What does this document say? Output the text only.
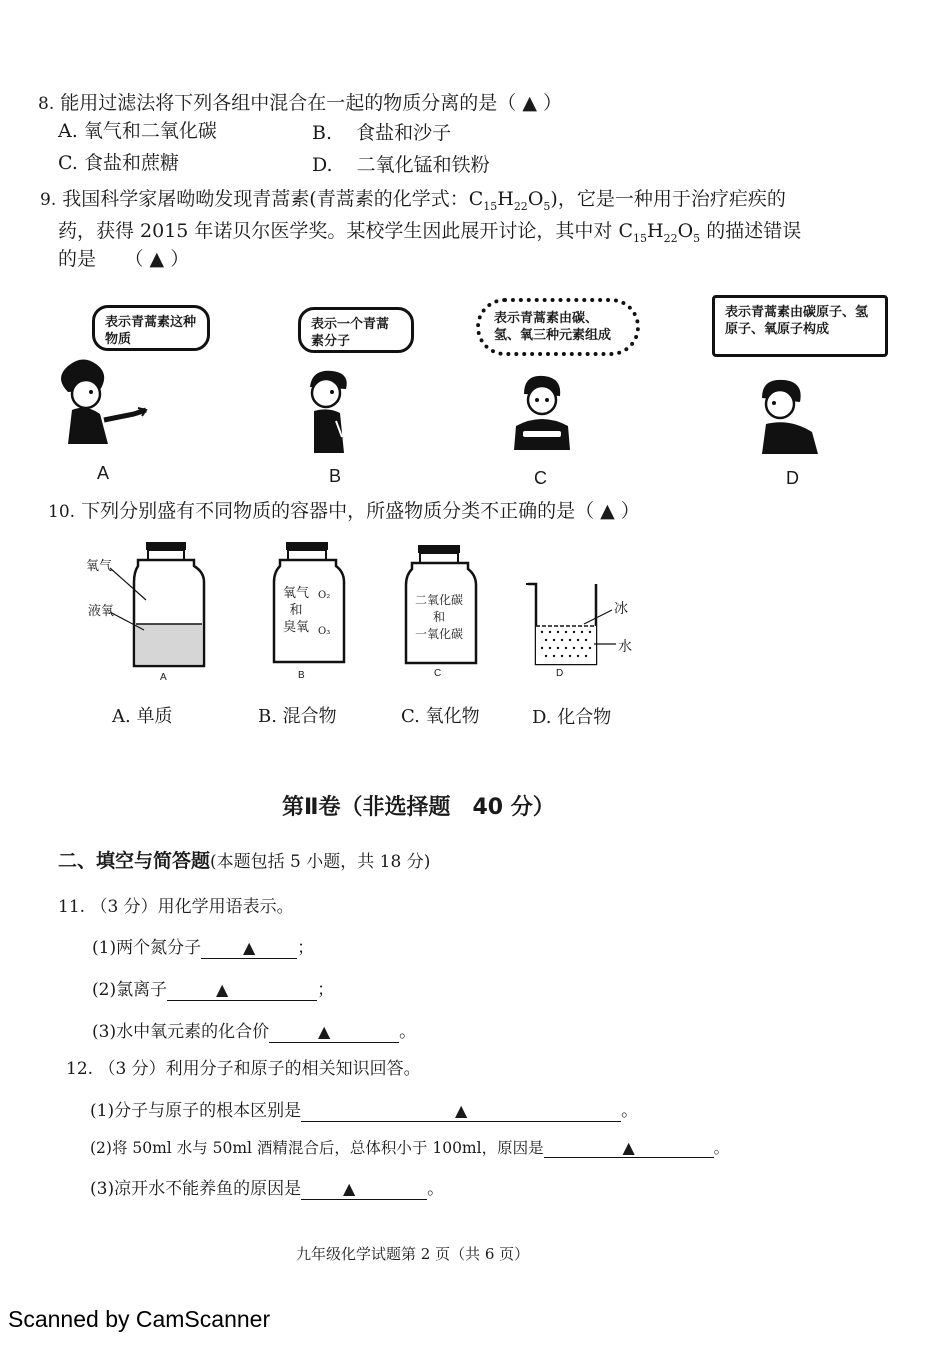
8. 能用过滤法将下列各组中混合在一起的物质分离的是（ ▲ ）
A. 氧气和二氧化碳	B. 食盐和沙子
C. 食盐和蔗糖	D. 二氧化锰和铁粉
9. 我国科学家屠呦呦发现青蒿素(青蒿素的化学式：$C_{15}H_{22}O_5$)，它是一种用于治疗疟疾的
药，获得 2015 年诺贝尔医学奖。某校学生因此展开讨论，其中对 $C_{15}H_{22}O_5$ 的描述错误
的是　　（ ▲ ）
表示青蒿素这种物质
表示一个青蒿素分子
表示青蒿素由碳、氢、氧三种元素组成
表示青蒿素由碳原子、氢原子、氧原子构成
A	B	C	D
10. 下列分别盛有不同物质的容器中，所盛物质分类不正确的是（ ▲ ）
氧气
液氧
A
氧气
和
臭氧
O₂
O₃
B
二氧化碳
和
一氧化碳
C
冰
水
D
A. 单质	B. 混合物	C. 氧化物	D. 化合物
第Ⅱ卷（非选择题　40 分）
二、填空与简答题(本题包括 5 小题，共 18 分)
11. （3 分）用化学用语表示。
(1)两个氮分子	▲ ；
(2)氯离子	▲	；
(3)水中氧元素的化合价	▲	。
12. （3 分）利用分子和原子的相关知识回答。
(1)分子与原子的根本区别是	▲	。
(2)将 50ml 水与 50ml 酒精混合后，总体积小于 100ml，原因是	▲	。
(3)凉开水不能养鱼的原因是	▲	。
九年级化学试题第 2 页（共 6 页）
Scanned by CamScanner
